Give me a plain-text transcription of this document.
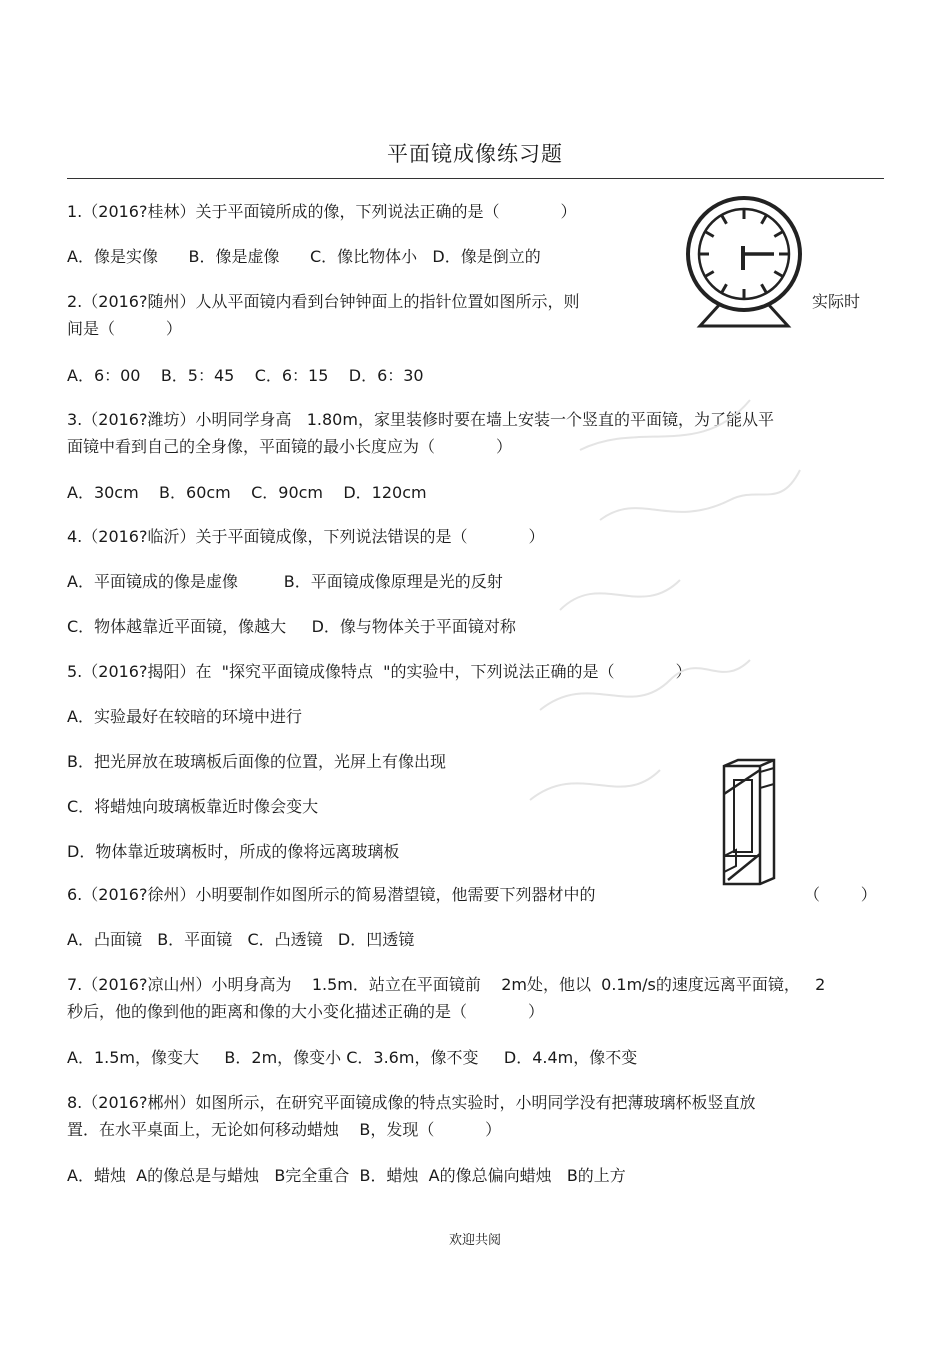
平面镜成像练习题
1.（2016?桂林）关于平面镜所成的像，下列说法正确的是（            ）
A．像是实像      B．像是虚像      C．像比物体小   D．像是倒立的
2.（2016?随州）人从平面镜内看到台钟钟面上的指针位置如图所示，则	实际时
间是（          ）
A．6：00    B．5：45    C．6：15    D．6：30
3.（2016?潍坊）小明同学身高   1.80m，家里装修时要在墙上安装一个竖直的平面镜，为了能从平
面镜中看到自己的全身像，平面镜的最小长度应为（            ）
A．30cm    B．60cm    C．90cm    D．120cm
4.（2016?临沂）关于平面镜成像，下列说法错误的是（            ）
A．平面镜成的像是虚像         B．平面镜成像原理是光的反射
C．物体越靠近平面镜，像越大     D．像与物体关于平面镜对称
5.（2016?揭阳）在  "探究平面镜成像特点  "的实验中，下列说法正确的是（            ）
A．实验最好在较暗的环境中进行
B．把光屏放在玻璃板后面像的位置，光屏上有像出现
C．将蜡烛向玻璃板靠近时像会变大
D．物体靠近玻璃板时，所成的像将远离玻璃板
6.（2016?徐州）小明要制作如图所示的简易潜望镜，他需要下列器材中的	（        ）
A．凸面镜   B．平面镜   C．凸透镜   D．凹透镜
7.（2016?凉山州）小明身高为    1.5m．站立在平面镜前    2m处，他以  0.1m/s的速度远离平面镜，   2
秒后，他的像到他的距离和像的大小变化描述正确的是（            ）
A．1.5m，像变大     B．2m，像变小 C．3.6m，像不变     D．4.4m，像不变
8.（2016?郴州）如图所示，在研究平面镜成像的特点实验时，小明同学没有把薄玻璃杯板竖直放
置．在水平桌面上，无论如何移动蜡烛    B，发现（          ）
A．蜡烛  A的像总是与蜡烛   B完全重合  B．蜡烛  A的像总偏向蜡烛   B的上方
欢迎共阅
